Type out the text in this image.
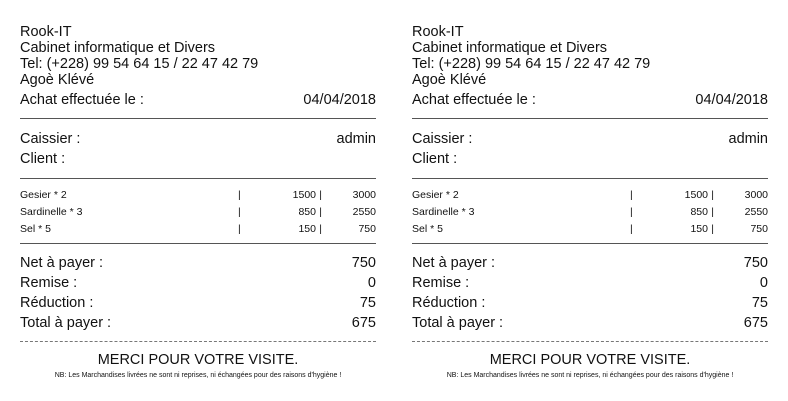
Rook-IT
Cabinet informatique et Divers
Tel: (+228) 99 54 64 15 / 22 47 42 79
Agoè Klévé
Achat effectuée le :	04/04/2018
Caissier :	admin
Client :
Gesier * 2	|	1500 |	3000
Sardinelle * 3	|	850 |	2550
Sel * 5	|	150 |	750
Net à payer :	750
Remise :	0
Réduction :	75
Total à payer :	675
MERCI POUR VOTRE VISITE.
NB: Les Marchandises livrées ne sont ni reprises, ni échangées pour des raisons d'hygiène !
Rook-IT
Cabinet informatique et Divers
Tel: (+228) 99 54 64 15 / 22 47 42 79
Agoè Klévé
Achat effectuée le :	04/04/2018
Caissier :	admin
Client :
Gesier * 2	|	1500 |	3000
Sardinelle * 3	|	850 |	2550
Sel * 5	|	150 |	750
Net à payer :	750
Remise :	0
Réduction :	75
Total à payer :	675
MERCI POUR VOTRE VISITE.
NB: Les Marchandises livrées ne sont ni reprises, ni échangées pour des raisons d'hygiène !
